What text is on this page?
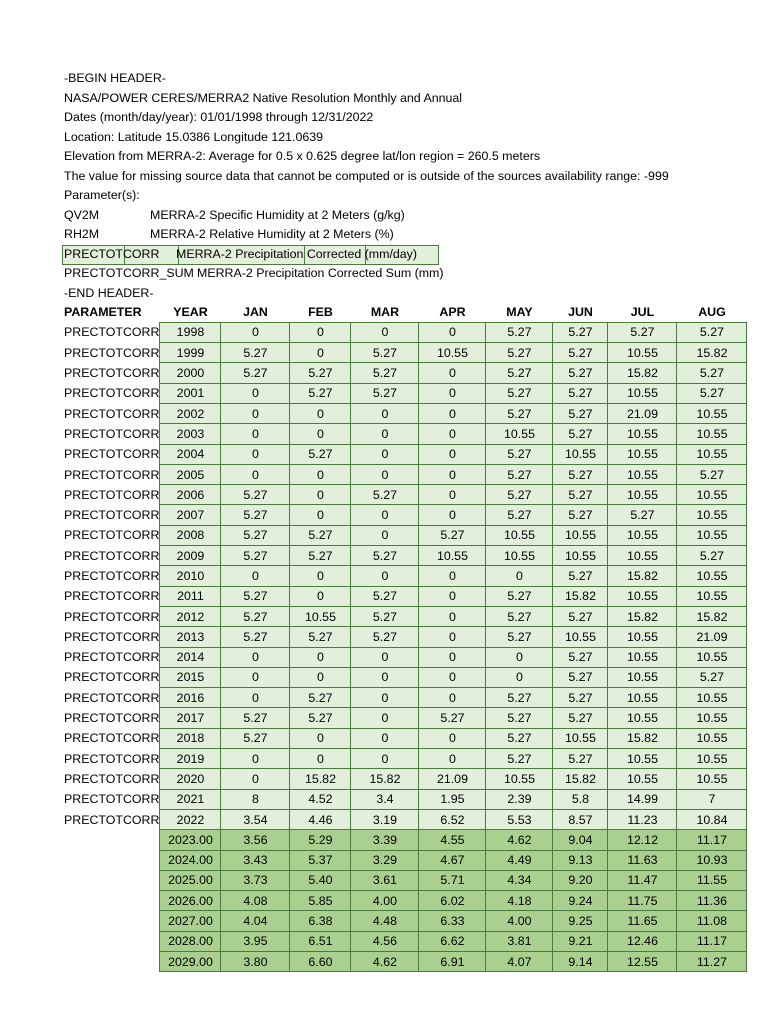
-BEGIN HEADER-
NASA/POWER CERES/MERRA2 Native Resolution Monthly and Annual
Dates (month/day/year): 01/01/1998 through 12/31/2022
Location: Latitude 15.0386 Longitude 121.0639
Elevation from MERRA-2: Average for 0.5 x 0.625 degree lat/lon region = 260.5 meters
The value for missing source data that cannot be computed or is outside of the sources availability range: -999
Parameter(s):
QV2M	MERRA-2 Specific Humidity at 2 Meters (g/kg)
RH2M	MERRA-2 Relative Humidity at 2 Meters (%)
PRECTOTCORR MERRA-2 Precipitation Corrected (mm/day)
PRECTOTCORR_SUM MERRA-2 Precipitation Corrected Sum (mm)
-END HEADER-
PARAMETER	YEAR	JAN	FEB	MAR	APR	MAY	JUN	JUL	AUG
PRECTOTCORR	1998	0	0	0	0	5.27	5.27	5.27	5.27
PRECTOTCORR	1999	5.27	0	5.27	10.55	5.27	5.27	10.55	15.82
PRECTOTCORR	2000	5.27	5.27	5.27	0	5.27	5.27	15.82	5.27
PRECTOTCORR	2001	0	5.27	5.27	0	5.27	5.27	10.55	5.27
PRECTOTCORR	2002	0	0	0	0	5.27	5.27	21.09	10.55
PRECTOTCORR	2003	0	0	0	0	10.55	5.27	10.55	10.55
PRECTOTCORR	2004	0	5.27	0	0	5.27	10.55	10.55	10.55
PRECTOTCORR	2005	0	0	0	0	5.27	5.27	10.55	5.27
PRECTOTCORR	2006	5.27	0	5.27	0	5.27	5.27	10.55	10.55
PRECTOTCORR	2007	5.27	0	0	0	5.27	5.27	5.27	10.55
PRECTOTCORR	2008	5.27	5.27	0	5.27	10.55	10.55	10.55	10.55
PRECTOTCORR	2009	5.27	5.27	5.27	10.55	10.55	10.55	10.55	5.27
PRECTOTCORR	2010	0	0	0	0	0	5.27	15.82	10.55
PRECTOTCORR	2011	5.27	0	5.27	0	5.27	15.82	10.55	10.55
PRECTOTCORR	2012	5.27	10.55	5.27	0	5.27	5.27	15.82	15.82
PRECTOTCORR	2013	5.27	5.27	5.27	0	5.27	10.55	10.55	21.09
PRECTOTCORR	2014	0	0	0	0	0	5.27	10.55	10.55
PRECTOTCORR	2015	0	0	0	0	0	5.27	10.55	5.27
PRECTOTCORR	2016	0	5.27	0	0	5.27	5.27	10.55	10.55
PRECTOTCORR	2017	5.27	5.27	0	5.27	5.27	5.27	10.55	10.55
PRECTOTCORR	2018	5.27	0	0	0	5.27	10.55	15.82	10.55
PRECTOTCORR	2019	0	0	0	0	5.27	5.27	10.55	10.55
PRECTOTCORR	2020	0	15.82	15.82	21.09	10.55	15.82	10.55	10.55
PRECTOTCORR	2021	8	4.52	3.4	1.95	2.39	5.8	14.99	7
PRECTOTCORR	2022	3.54	4.46	3.19	6.52	5.53	8.57	11.23	10.84
	2023.00	3.56	5.29	3.39	4.55	4.62	9.04	12.12	11.17
	2024.00	3.43	5.37	3.29	4.67	4.49	9.13	11.63	10.93
	2025.00	3.73	5.40	3.61	5.71	4.34	9.20	11.47	11.55
	2026.00	4.08	5.85	4.00	6.02	4.18	9.24	11.75	11.36
	2027.00	4.04	6.38	4.48	6.33	4.00	9.25	11.65	11.08
	2028.00	3.95	6.51	4.56	6.62	3.81	9.21	12.46	11.17
	2029.00	3.80	6.60	4.62	6.91	4.07	9.14	12.55	11.27
